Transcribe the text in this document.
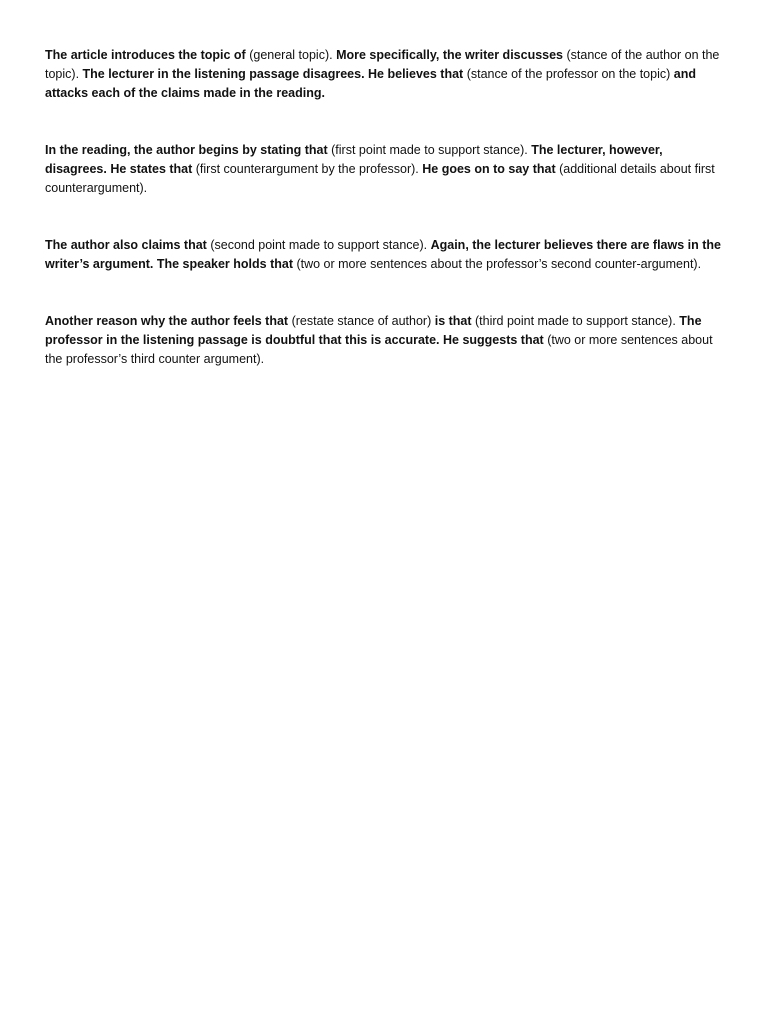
The article introduces the topic of (general topic). More specifically, the writer discusses (stance of the author on the topic). The lecturer in the listening passage disagrees. He believes that (stance of the professor on the topic) and attacks each of the claims made in the reading.

In the reading, the author begins by stating that (first point made to support stance). The lecturer, however, disagrees. He states that (first counterargument by the professor). He goes on to say that (additional details about first counterargument).

The author also claims that (second point made to support stance). Again, the lecturer believes there are flaws in the writer’s argument. The speaker holds that (two or more sentences about the professor’s second counter-argument).

Another reason why the author feels that (restate stance of author) is that (third point made to support stance). The professor in the listening passage is doubtful that this is accurate. He suggests that (two or more sentences about the professor’s third counter argument).
